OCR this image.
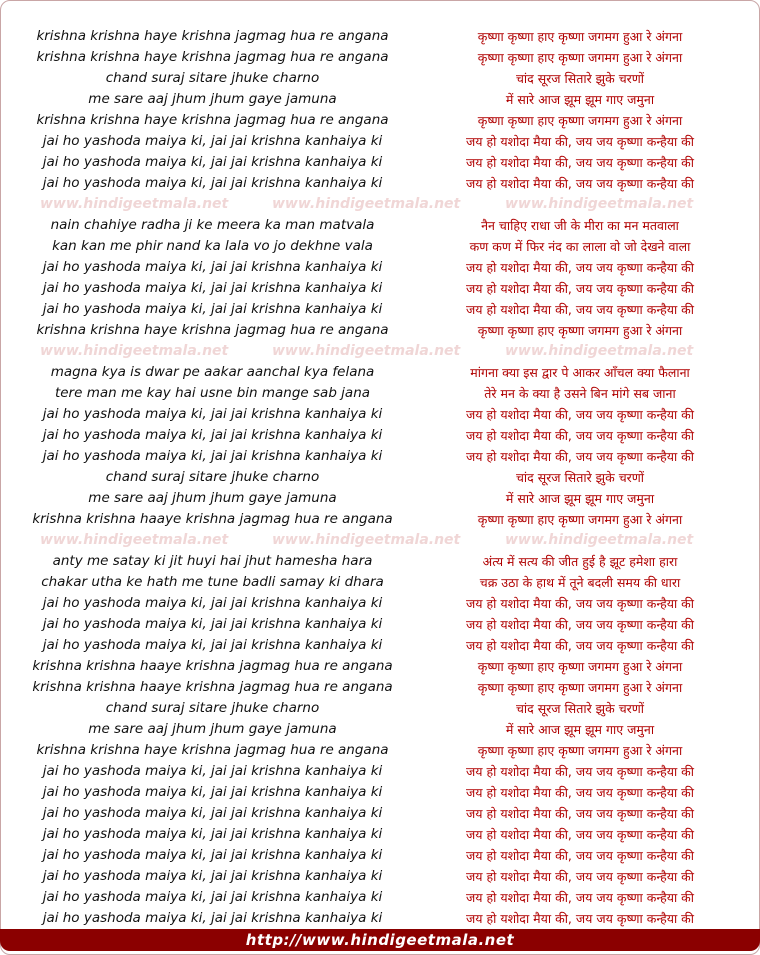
krishna krishna haye krishna jagmag hua re angana	कृष्णा कृष्णा हाए कृष्णा जगमग हुआ रे अंगना
krishna krishna haye krishna jagmag hua re angana	कृष्णा कृष्णा हाए कृष्णा जगमग हुआ रे अंगना
chand suraj sitare jhuke charno	चांद सूरज सितारे झुके चरणों
me sare aaj jhum jhum gaye jamuna	में सारे आज झूम झूम गाए जमुना
krishna krishna haye krishna jagmag hua re angana	कृष्णा कृष्णा हाए कृष्णा जगमग हुआ रे अंगना
jai ho yashoda maiya ki, jai jai krishna kanhaiya ki	जय हो यशोदा मैया की, जय जय कृष्णा कन्हैया की
jai ho yashoda maiya ki, jai jai krishna kanhaiya ki	जय हो यशोदा मैया की, जय जय कृष्णा कन्हैया की
jai ho yashoda maiya ki, jai jai krishna kanhaiya ki	जय हो यशोदा मैया की, जय जय कृष्णा कन्हैया की
www.hindigeetmala.net	www.hindigeetmala.net	www.hindigeetmala.net
nain chahiye radha ji ke meera ka man matvala	नैन चाहिए राधा जी के मीरा का मन मतवाला
kan kan me phir nand ka lala vo jo dekhne vala	कण कण में फिर नंद का लाला वो जो देखने वाला
jai ho yashoda maiya ki, jai jai krishna kanhaiya ki	जय हो यशोदा मैया की, जय जय कृष्णा कन्हैया की
jai ho yashoda maiya ki, jai jai krishna kanhaiya ki	जय हो यशोदा मैया की, जय जय कृष्णा कन्हैया की
jai ho yashoda maiya ki, jai jai krishna kanhaiya ki	जय हो यशोदा मैया की, जय जय कृष्णा कन्हैया की
krishna krishna haye krishna jagmag hua re angana	कृष्णा कृष्णा हाए कृष्णा जगमग हुआ रे अंगना
www.hindigeetmala.net	www.hindigeetmala.net	www.hindigeetmala.net
magna kya is dwar pe aakar aanchal kya felana	मांगना क्या इस द्वार पे आकर आँचल क्या फैलाना
tere man me kay hai usne bin mange sab jana	तेरे मन के क्या है उसने बिन मांगे सब जाना
jai ho yashoda maiya ki, jai jai krishna kanhaiya ki	जय हो यशोदा मैया की, जय जय कृष्णा कन्हैया की
jai ho yashoda maiya ki, jai jai krishna kanhaiya ki	जय हो यशोदा मैया की, जय जय कृष्णा कन्हैया की
jai ho yashoda maiya ki, jai jai krishna kanhaiya ki	जय हो यशोदा मैया की, जय जय कृष्णा कन्हैया की
chand suraj sitare jhuke charno	चांद सूरज सितारे झुके चरणों
me sare aaj jhum jhum gaye jamuna	में सारे आज झूम झूम गाए जमुना
krishna krishna haaye krishna jagmag hua re angana	कृष्णा कृष्णा हाए कृष्णा जगमग हुआ रे अंगना
www.hindigeetmala.net	www.hindigeetmala.net	www.hindigeetmala.net
anty me satay ki jit huyi hai jhut hamesha hara	अंत्य में सत्य की जीत हुई है झूट हमेशा हारा
chakar utha ke hath me tune badli samay ki dhara	चक्र उठा के हाथ में तूने बदली समय की धारा
jai ho yashoda maiya ki, jai jai krishna kanhaiya ki	जय हो यशोदा मैया की, जय जय कृष्णा कन्हैया की
jai ho yashoda maiya ki, jai jai krishna kanhaiya ki	जय हो यशोदा मैया की, जय जय कृष्णा कन्हैया की
jai ho yashoda maiya ki, jai jai krishna kanhaiya ki	जय हो यशोदा मैया की, जय जय कृष्णा कन्हैया की
krishna krishna haaye krishna jagmag hua re angana	कृष्णा कृष्णा हाए कृष्णा जगमग हुआ रे अंगना
krishna krishna haaye krishna jagmag hua re angana	कृष्णा कृष्णा हाए कृष्णा जगमग हुआ रे अंगना
chand suraj sitare jhuke charno	चांद सूरज सितारे झुके चरणों
me sare aaj jhum jhum gaye jamuna	में सारे आज झूम झूम गाए जमुना
krishna krishna haye krishna jagmag hua re angana	कृष्णा कृष्णा हाए कृष्णा जगमग हुआ रे अंगना
jai ho yashoda maiya ki, jai jai krishna kanhaiya ki	जय हो यशोदा मैया की, जय जय कृष्णा कन्हैया की
jai ho yashoda maiya ki, jai jai krishna kanhaiya ki	जय हो यशोदा मैया की, जय जय कृष्णा कन्हैया की
jai ho yashoda maiya ki, jai jai krishna kanhaiya ki	जय हो यशोदा मैया की, जय जय कृष्णा कन्हैया की
jai ho yashoda maiya ki, jai jai krishna kanhaiya ki	जय हो यशोदा मैया की, जय जय कृष्णा कन्हैया की
jai ho yashoda maiya ki, jai jai krishna kanhaiya ki	जय हो यशोदा मैया की, जय जय कृष्णा कन्हैया की
jai ho yashoda maiya ki, jai jai krishna kanhaiya ki	जय हो यशोदा मैया की, जय जय कृष्णा कन्हैया की
jai ho yashoda maiya ki, jai jai krishna kanhaiya ki	जय हो यशोदा मैया की, जय जय कृष्णा कन्हैया की
jai ho yashoda maiya ki, jai jai krishna kanhaiya ki	जय हो यशोदा मैया की, जय जय कृष्णा कन्हैया की
http://www.hindigeetmala.net
